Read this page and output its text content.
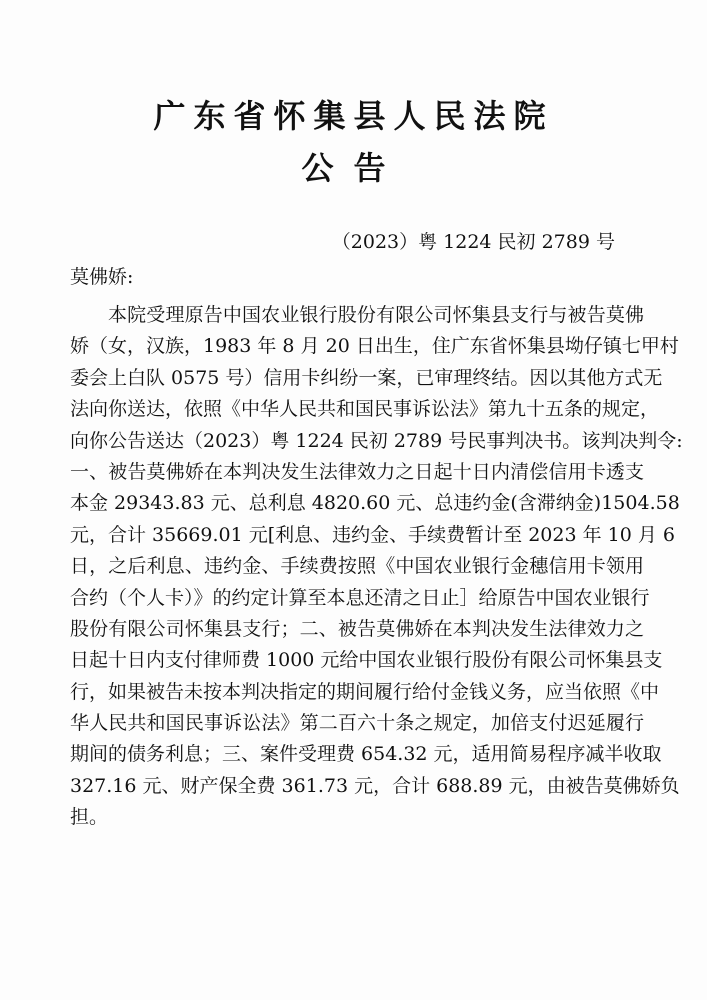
广东省怀集县人民法院
公告
（2023）粤 1224 民初 2789 号
莫佛娇:
本院受理原告中国农业银行股份有限公司怀集县支行与被告莫佛
娇（女，汉族，1983 年 8 月 20 日出生，住广东省怀集县坳仔镇七甲村
委会上白队 0575 号）信用卡纠纷一案，已审理终结。因以其他方式无
法向你送达，依照《中华人民共和国民事诉讼法》第九十五条的规定，
向你公告送达（2023）粤 1224 民初 2789 号民事判决书。该判决判令:
一、被告莫佛娇在本判决发生法律效力之日起十日内清偿信用卡透支
本金 29343.83 元、总利息 4820.60 元、总违约金(含滞纳金)1504.58
元，合计 35669.01 元[利息、违约金、手续费暂计至 2023 年 10 月 6
日，之后利息、违约金、手续费按照《中国农业银行金穗信用卡领用
合约（个人卡）》的约定计算至本息还清之日止］给原告中国农业银行
股份有限公司怀集县支行；二、被告莫佛娇在本判决发生法律效力之
日起十日内支付律师费 1000 元给中国农业银行股份有限公司怀集县支
行，如果被告未按本判决指定的期间履行给付金钱义务，应当依照《中
华人民共和国民事诉讼法》第二百六十条之规定，加倍支付迟延履行
期间的债务利息；三、案件受理费 654.32 元，适用简易程序减半收取
327.16 元、财产保全费 361.73 元，合计 688.89 元，由被告莫佛娇负
担。
